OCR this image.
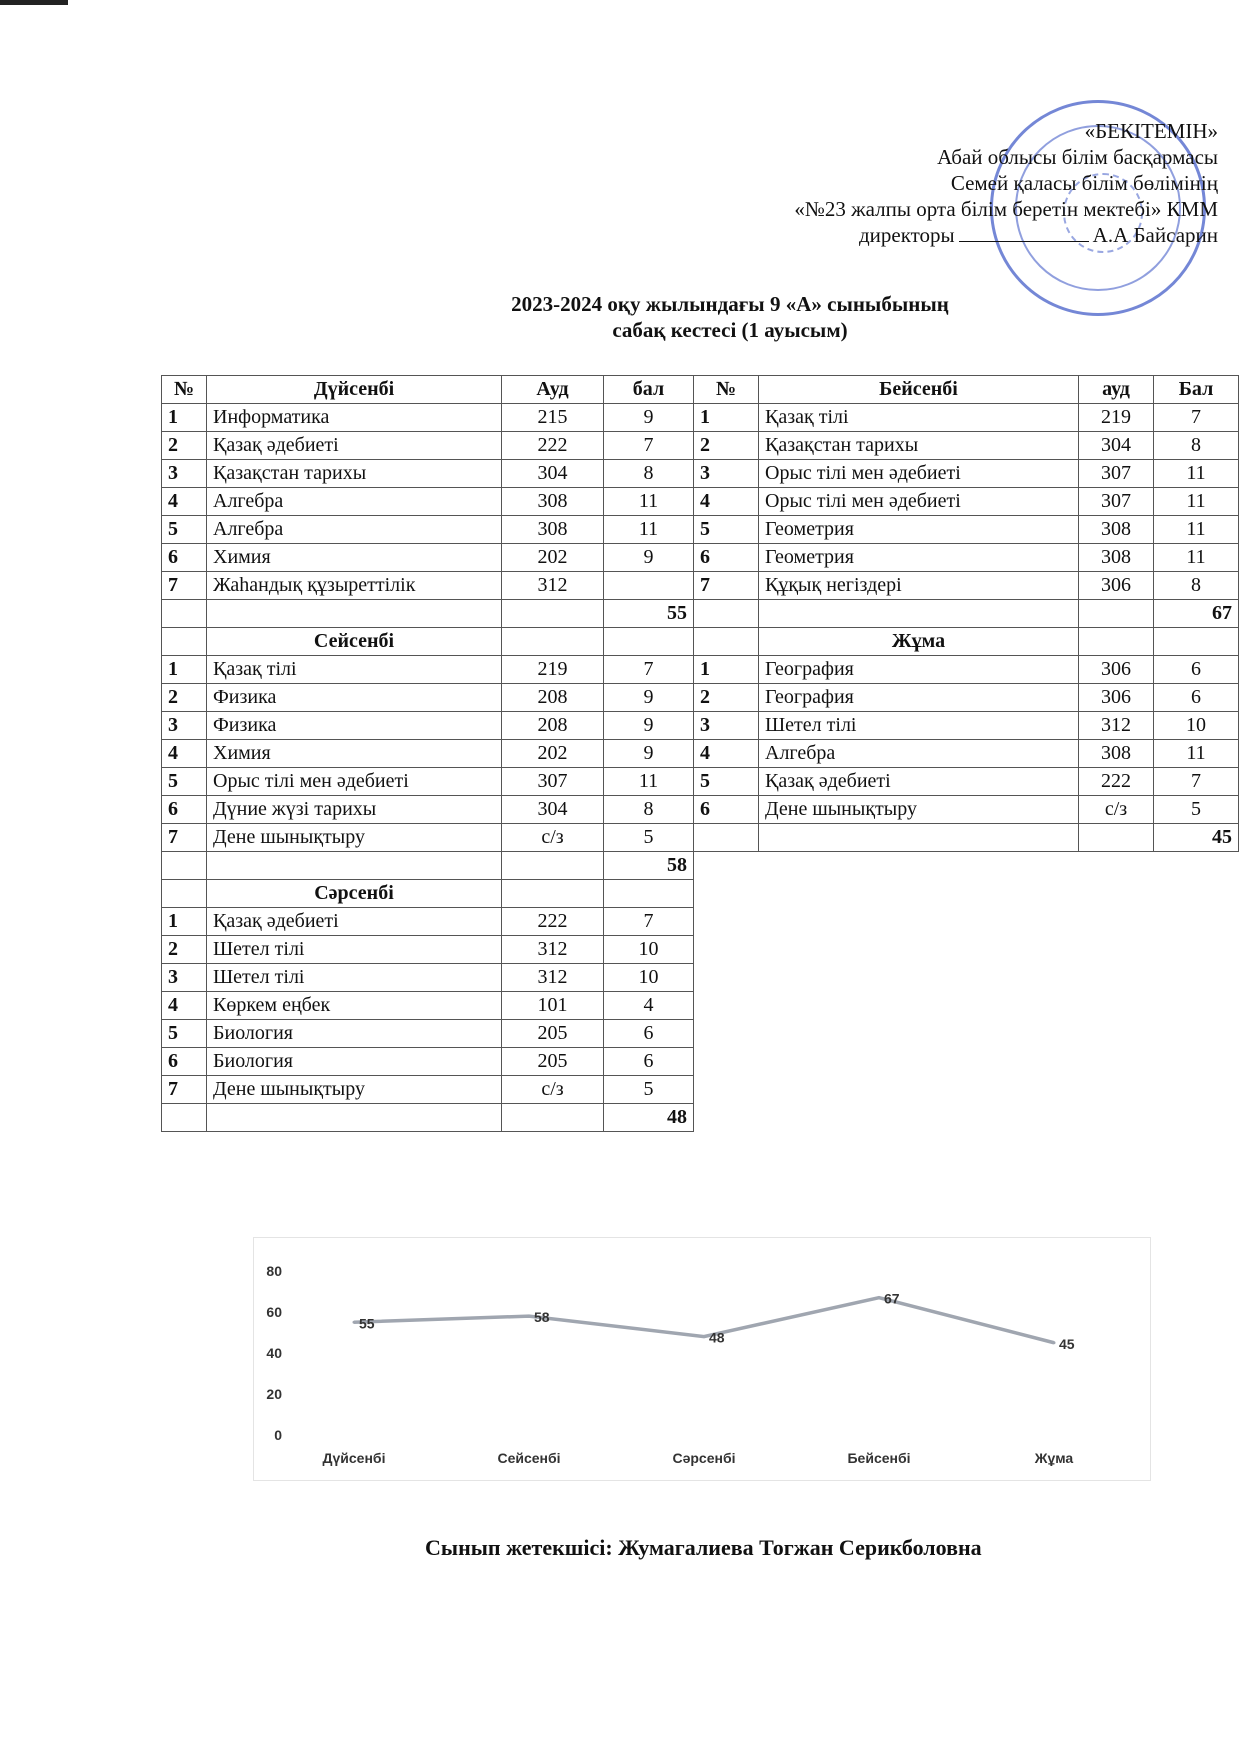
«БЕКІТЕМІН»
Абай облысы білім басқармасы
Семей қаласы білім бөлімінің
«№23 жалпы орта білім беретін мектебі» КММ
директоры	А.А Байсарин
2023-2024 оқу жылындағы 9 «А» сыныбының
сабақ кестесі (1 ауысым)
№	Дүйсенбі	Ауд	бал
1	Информатика	215	9
2	Қазақ әдебиеті	222	7
3	Қазақстан тарихы	304	8
4	Алгебра	308	11
5	Алгебра	308	11
6	Химия	202	9
7	Жаһандық құзыреттілік	312	
			55
	Сейсенбі		
1	Қазақ тілі	219	7
2	Физика	208	9
3	Физика	208	9
4	Химия	202	9
5	Орыс тілі мен әдебиеті	307	11
6	Дүние жүзі тарихы	304	8
7	Дене шынықтыру	с/з	5
			58
	Сәрсенбі		
1	Қазақ әдебиеті	222	7
2	Шетел тілі	312	10
3	Шетел тілі	312	10
4	Көркем еңбек	101	4
5	Биология	205	6
6	Биология	205	6
7	Дене шынықтыру	с/з	5
			48
№	Бейсенбі	ауд	Бал
1	Қазақ тілі	219	7
2	Қазақстан тарихы	304	8
3	Орыс тілі мен әдебиеті	307	11
4	Орыс тілі мен әдебиеті	307	11
5	Геометрия	308	11
6	Геометрия	308	11
7	Құқық негіздері	306	8
			67
	Жұма		
1	География	306	6
2	География	306	6
3	Шетел тілі	312	10
4	Алгебра	308	11
5	Қазақ әдебиеті	222	7
6	Дене шынықтыру	с/з	5
			45
0
20
40
60
80
Дүйсенбі	Сейсенбі	Сәрсенбі	Бейсенбі	Жұма
55	58
48
67
45
Сынып жетекшісі: Жумагалиева Тогжан Серикболовна
